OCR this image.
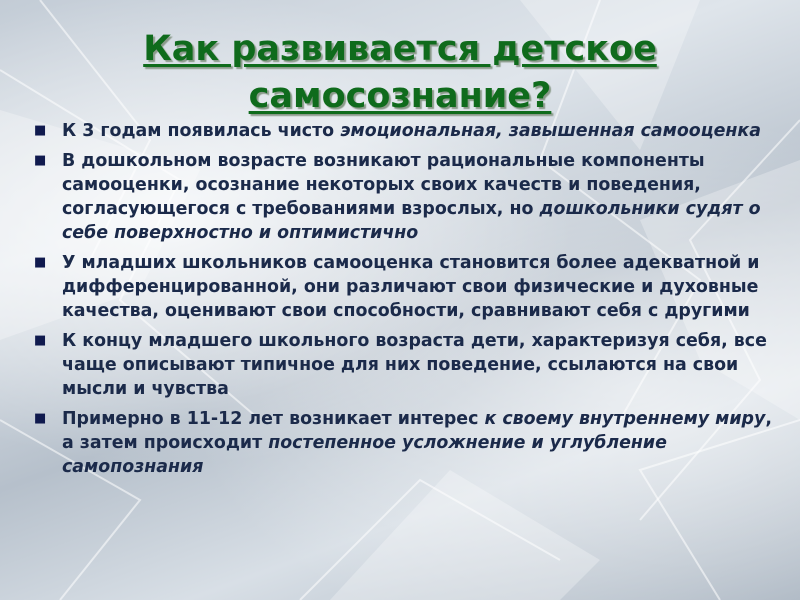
Как развивается детское
самосознание?
■ К 3 годам появилась чисто эмоциональная, завышенная самооценка
■ В дошкольном возрасте возникают рациональные компоненты самооценки, осознание некоторых своих качеств и поведения, согласующегося с требованиями взрослых, но дошкольники судят о себе поверхностно и оптимистично
■ У младших школьников самооценка становится более адекватной и дифференцированной, они различают свои физические и духовные качества, оценивают свои способности, сравнивают себя с другими
■ К концу младшего школьного возраста дети, характеризуя себя, все чаще описывают типичное для них поведение, ссылаются на свои мысли и чувства
■ Примерно в 11-12 лет возникает интерес к своему внутреннему миру, а затем происходит постепенное усложнение и углубление самопознания
